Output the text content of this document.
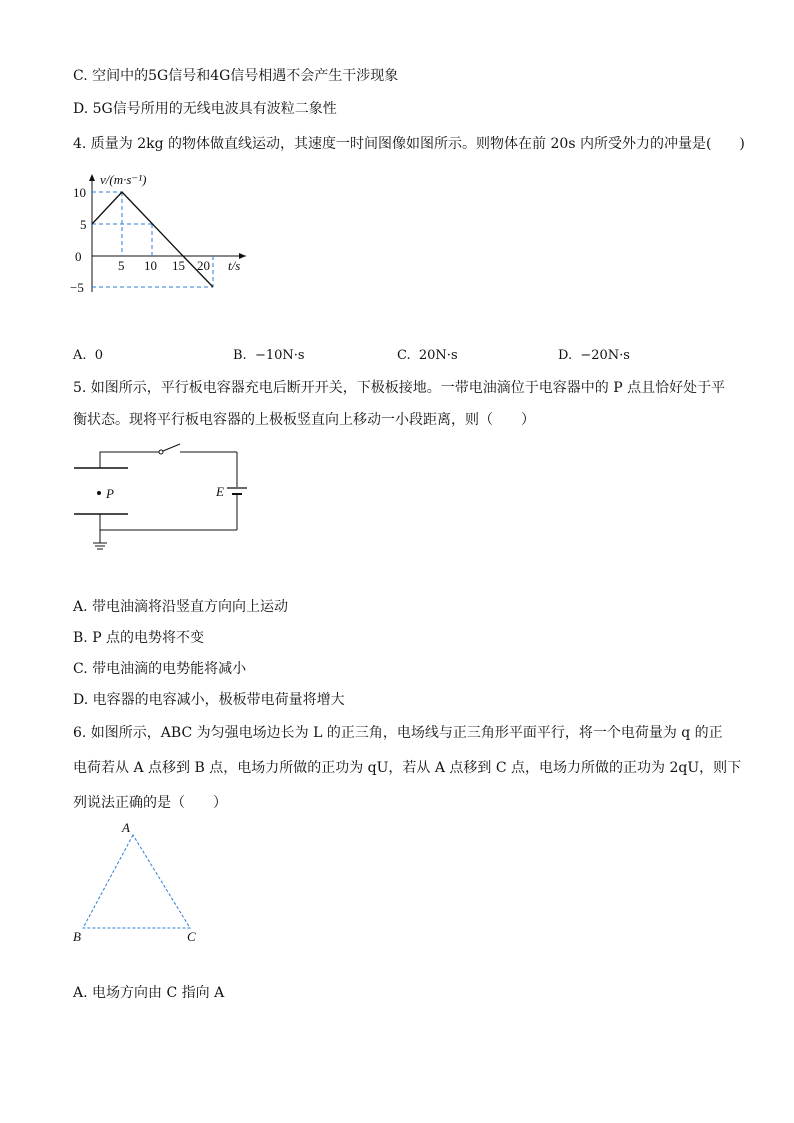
C. 空间中的5G信号和4G信号相遇不会产生干涉现象
D. 5G信号所用的无线电波具有波粒二象性
4. 质量为 2kg 的物体做直线运动，其速度一时间图像如图所示。则物体在前 20s 内所受外力的冲量是(　　)
v/(m·s⁻¹)
t/s
0
10
5
−5
5 10 15 20
A. 0	B. −10N·s	C. 20N·s	D. −20N·s
5. 如图所示，平行板电容器充电后断开开关，下极板接地。一带电油滴位于电容器中的 P 点且恰好处于平
衡状态。现将平行板电容器的上极板竖直向上移动一小段距离，则（　　）
P	E
A. 带电油滴将沿竖直方向向上运动
B. P 点的电势将不变
C. 带电油滴的电势能将减小
D. 电容器的电容减小，极板带电荷量将增大
6. 如图所示，ABC 为匀强电场边长为 L 的正三角，电场线与正三角形平面平行，将一个电荷量为 q 的正
电荷若从 A 点移到 B 点，电场力所做的正功为 qU，若从 A 点移到 C 点，电场力所做的正功为 2qU，则下
列说法正确的是（　　）
A
B	C
A. 电场方向由 C 指向 A
